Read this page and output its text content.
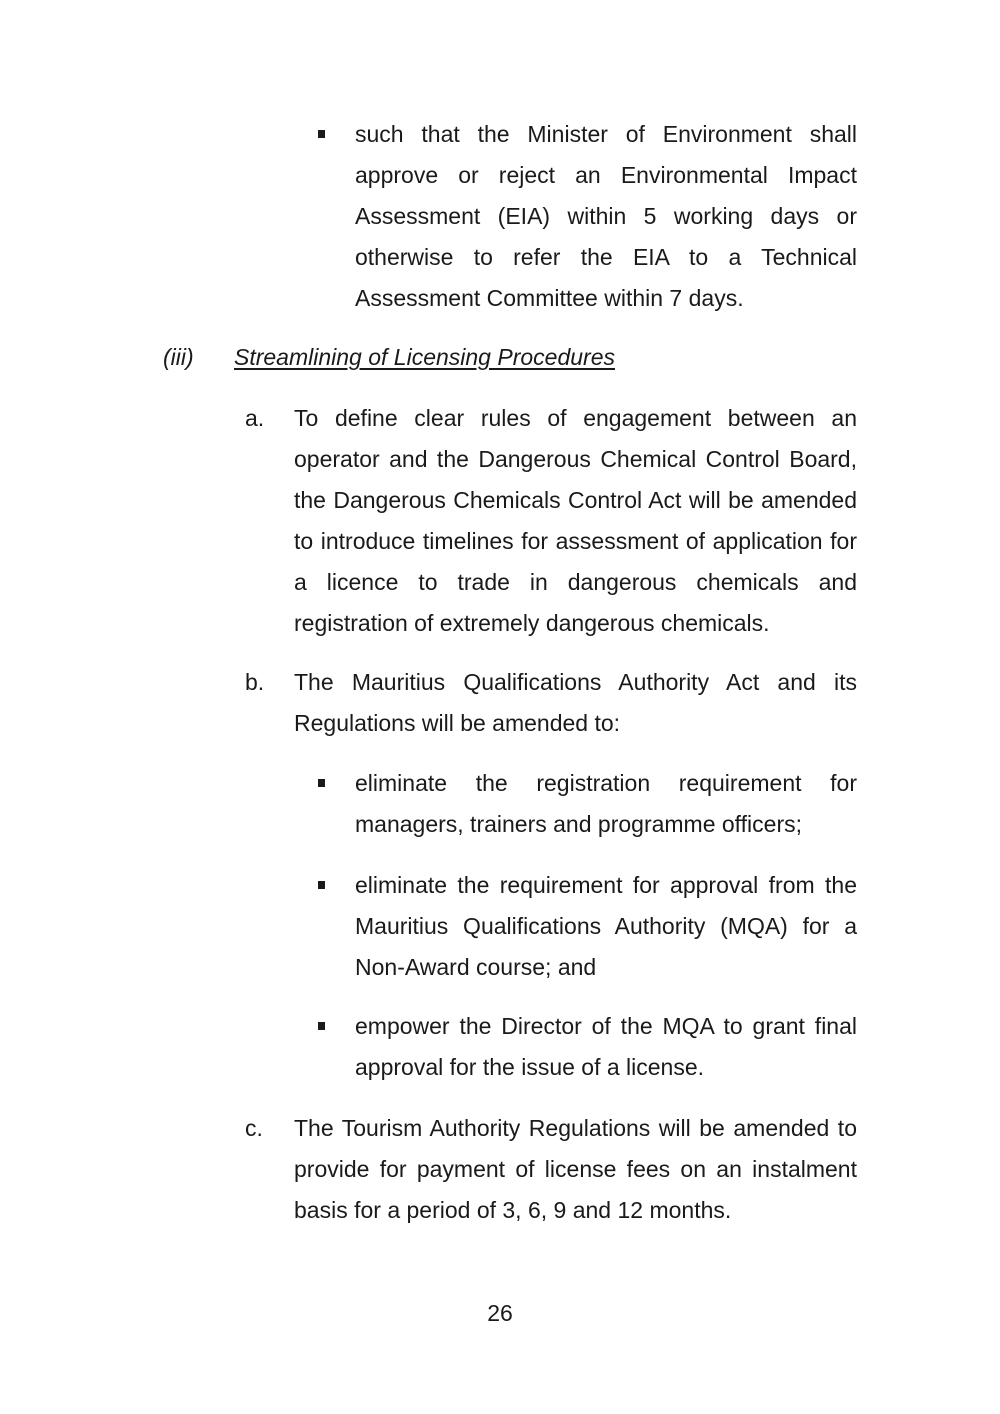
such that the Minister of Environment shall approve or reject an Environmental Impact Assessment (EIA) within 5 working days or otherwise to refer the EIA to a Technical Assessment Committee within 7 days.
(iii) Streamlining of Licensing Procedures
a. To define clear rules of engagement between an operator and the Dangerous Chemical Control Board, the Dangerous Chemicals Control Act will be amended to introduce timelines for assessment of application for a licence to trade in dangerous chemicals and registration of extremely dangerous chemicals.
b. The Mauritius Qualifications Authority Act and its Regulations will be amended to:
eliminate the registration requirement for managers, trainers and programme officers;
eliminate the requirement for approval from the Mauritius Qualifications Authority (MQA) for a Non-Award course; and
empower the Director of the MQA to grant final approval for the issue of a license.
c. The Tourism Authority Regulations will be amended to provide for payment of license fees on an instalment basis for a period of 3, 6, 9 and 12 months.
26
